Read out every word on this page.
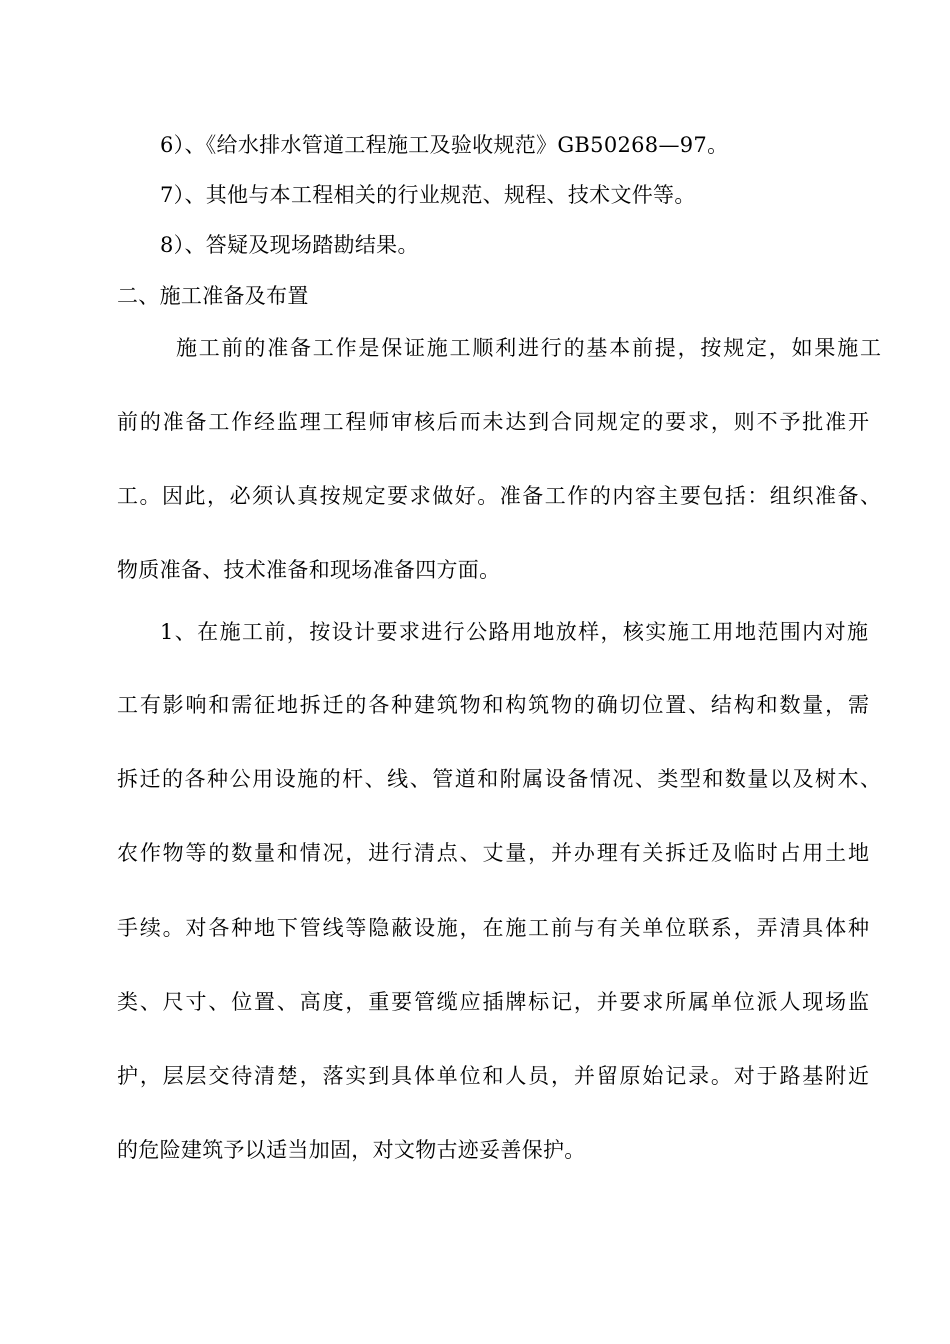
6）、《给水排水管道工程施工及验收规范》GB50268—97。
7）、其他与本工程相关的行业规范、规程、技术文件等。
8）、答疑及现场踏勘结果。
二、施工准备及布置
施工前的准备工作是保证施工顺利进行的基本前提，按规定，如果施工
前的准备工作经监理工程师审核后而未达到合同规定的要求，则不予批准开
工。因此，必须认真按规定要求做好。准备工作的内容主要包括：组织准备、
物质准备、技术准备和现场准备四方面。
1、在施工前，按设计要求进行公路用地放样，核实施工用地范围内对施
工有影响和需征地拆迁的各种建筑物和构筑物的确切位置、结构和数量，需
拆迁的各种公用设施的杆、线、管道和附属设备情况、类型和数量以及树木、
农作物等的数量和情况，进行清点、丈量，并办理有关拆迁及临时占用土地
手续。对各种地下管线等隐蔽设施，在施工前与有关单位联系，弄清具体种
类、尺寸、位置、高度，重要管缆应插牌标记，并要求所属单位派人现场监
护，层层交待清楚，落实到具体单位和人员，并留原始记录。对于路基附近
的危险建筑予以适当加固，对文物古迹妥善保护。
